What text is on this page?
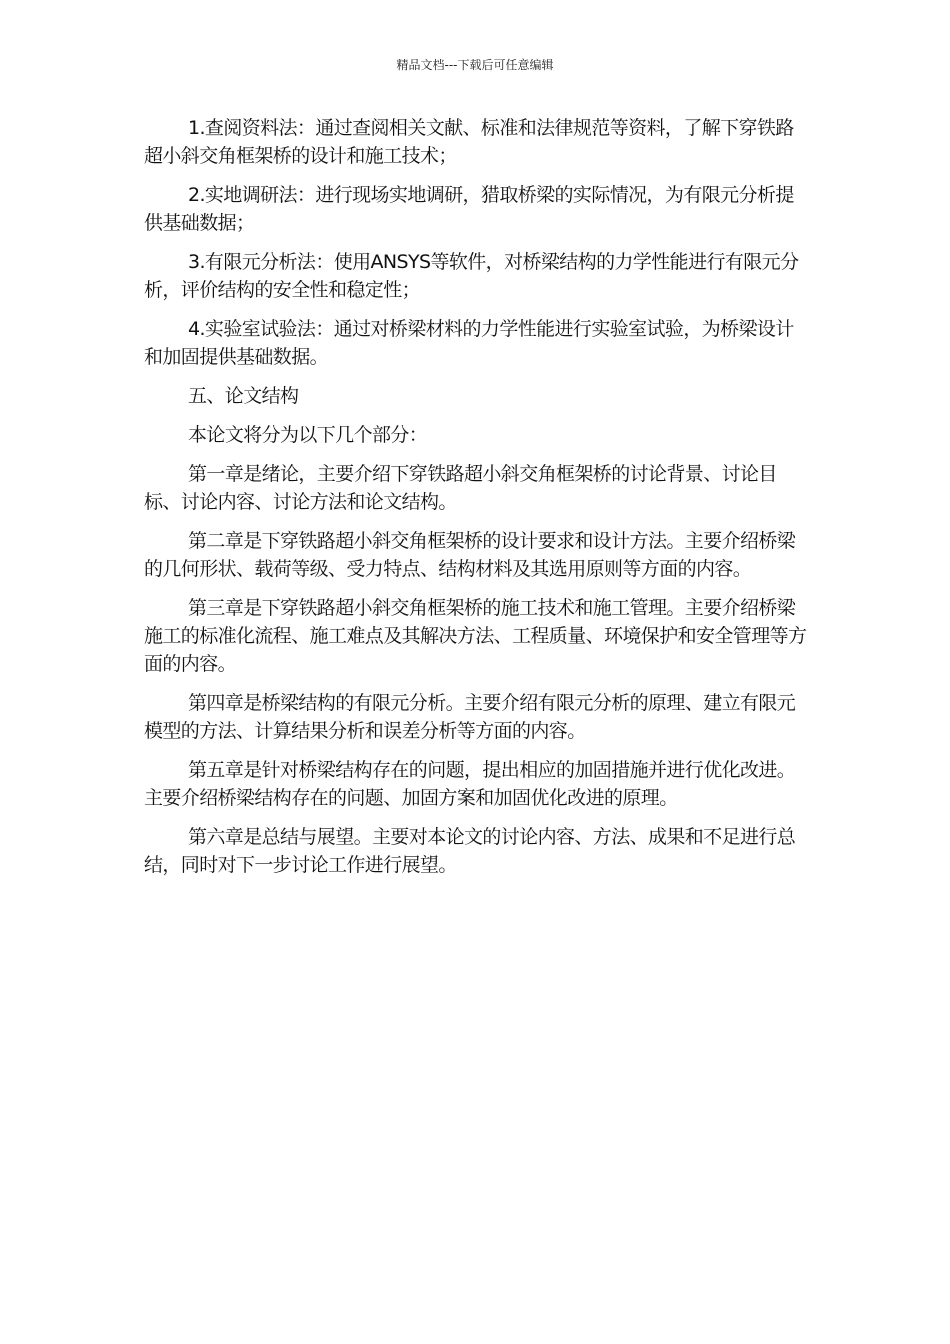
精品文档---下载后可任意编辑

1.查阅资料法：通过查阅相关文献、标准和法律规范等资料，了解下穿铁路超小斜交角框架桥的设计和施工技术；

2.实地调研法：进行现场实地调研，猎取桥梁的实际情况，为有限元分析提供基础数据；

3.有限元分析法：使用ANSYS等软件，对桥梁结构的力学性能进行有限元分析，评价结构的安全性和稳定性；

4.实验室试验法：通过对桥梁材料的力学性能进行实验室试验，为桥梁设计和加固提供基础数据。

五、论文结构

本论文将分为以下几个部分：

第一章是绪论，主要介绍下穿铁路超小斜交角框架桥的讨论背景、讨论目标、讨论内容、讨论方法和论文结构。

第二章是下穿铁路超小斜交角框架桥的设计要求和设计方法。主要介绍桥梁的几何形状、载荷等级、受力特点、结构材料及其选用原则等方面的内容。

第三章是下穿铁路超小斜交角框架桥的施工技术和施工管理。主要介绍桥梁施工的标准化流程、施工难点及其解决方法、工程质量、环境保护和安全管理等方面的内容。

第四章是桥梁结构的有限元分析。主要介绍有限元分析的原理、建立有限元模型的方法、计算结果分析和误差分析等方面的内容。

第五章是针对桥梁结构存在的问题，提出相应的加固措施并进行优化改进。主要介绍桥梁结构存在的问题、加固方案和加固优化改进的原理。

第六章是总结与展望。主要对本论文的讨论内容、方法、成果和不足进行总结，同时对下一步讨论工作进行展望。
